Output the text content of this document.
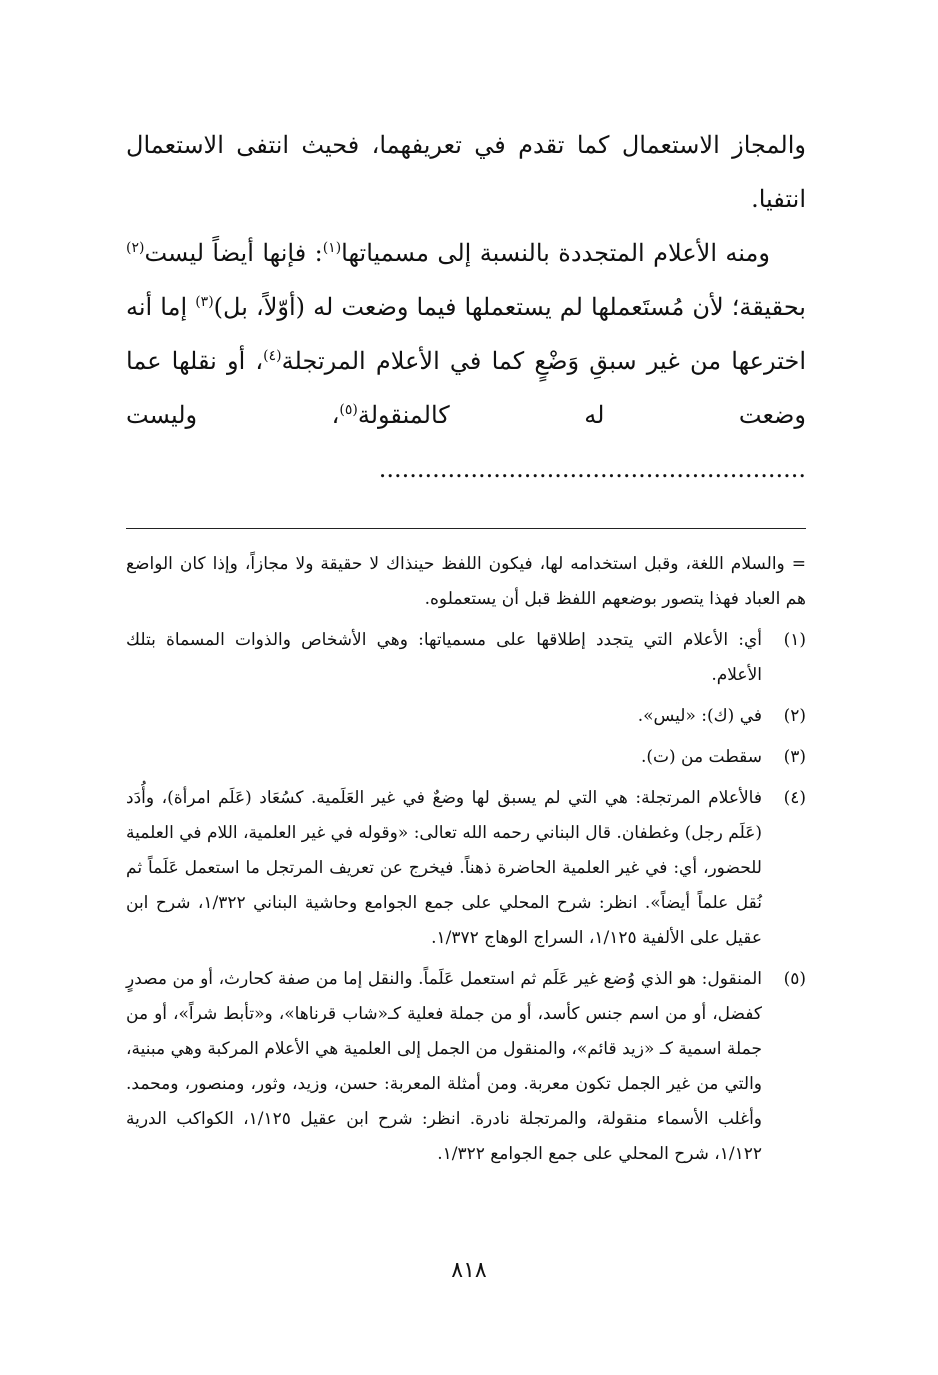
والمجاز الاستعمال كما تقدم في تعريفهما، فحيث انتفى الاستعمال انتفيا.

ومنه الأعلام المتجددة بالنسبة إلى مسمياتها$^{(١)}$: فإنها أيضاً ليست$^{(٢)}$ بحقيقة؛ لأن مُستَعملها لم يستعملها فيما وضعت له (أوّلاً، بل)$^{(٣)}$ إما أنه اخترعها من غير سبقِ وَضْعٍ كما في الأعلام المرتجلة$^{(٤)}$، أو نقلها عما وضعت له كالمنقولة$^{(٥)}$، وليست ........................................................

= والسلام اللغة، وقبل استخدامه لها، فيكون اللفظ حينذاك لا حقيقة ولا مجازاً، وإذا كان الواضع هم العباد فهذا يتصور بوضعهم اللفظ قبل أن يستعملوه.
(١)
أي: الأعلام التي يتجدد إطلاقها على مسمياتها: وهي الأشخاص والذوات المسماة بتلك الأعلام.
(٢)
في (ك): «ليس».
(٣)
سقطت من (ت).
(٤)
فالأعلام المرتجلة: هي التي لم يسبق لها وضعٌ في غير العَلَمية. كسُعَاد (عَلَم امرأة)، وأُدَد (عَلَم رجل) وغطفان. قال البناني رحمه الله تعالى: «وقوله في غير العلمية، اللام في العلمية للحضور، أي: في غير العلمية الحاضرة ذهناً. فيخرج عن تعريف المرتجل ما استعمل عَلَماً ثم نُقل علماً أيضاً». انظر: شرح المحلي على جمع الجوامع وحاشية البناني ١/٣٢٢، شرح ابن عقيل على الألفية ١/١٢٥، السراج الوهاج ١/٣٧٢.
(٥)
المنقول: هو الذي وُضع غير عَلَم ثم استعمل عَلَماً. والنقل إما من صفة كحارث، أو من مصدرٍ كفضل، أو من اسم جنس كأسد، أو من جملة فعلية كـ«شاب قرناها»، و«تأبط شراً»، أو من جملة اسمية كـ «زيد قائم»، والمنقول من الجمل إلى العلمية هي الأعلام المركبة وهي مبنية، والتي من غير الجمل تكون معربة. ومن أمثلة المعربة: حسن، وزيد، وثور، ومنصور، ومحمد. وأغلب الأسماء منقولة، والمرتجلة نادرة. انظر: شرح ابن عقيل ١/١٢٥، الكواكب الدرية ١/١٢٢، شرح المحلي على جمع الجوامع ١/٣٢٢.
٨١٨
